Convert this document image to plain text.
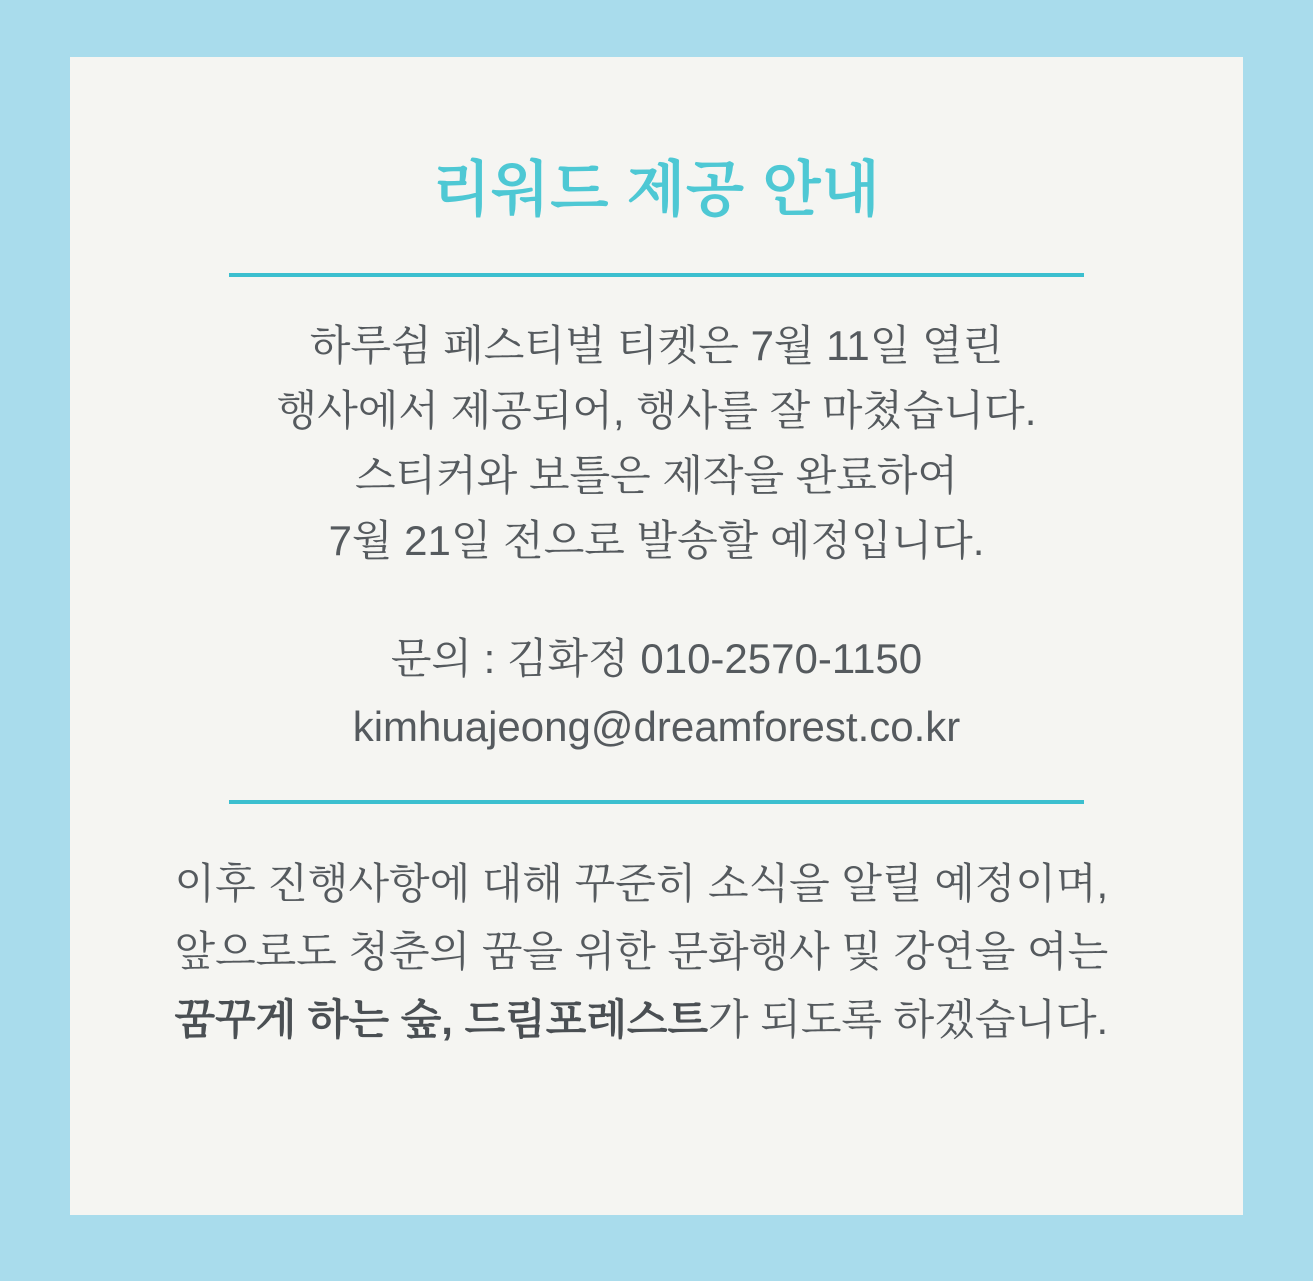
리워드 제공 안내
하루쉼 페스티벌 티켓은 7월 11일 열린
행사에서 제공되어, 행사를 잘 마쳤습니다.
스티커와 보틀은 제작을 완료하여
7월 21일 전으로 발송할 예정입니다.
문의 : 김화정 010-2570-1150
kimhuajeong@dreamforest.co.kr
이후 진행사항에 대해 꾸준히 소식을 알릴 예정이며,
앞으로도 청춘의 꿈을 위한 문화행사 및 강연을 여는
꿈꾸게 하는 숲, 드림포레스트가 되도록 하겠습니다.
